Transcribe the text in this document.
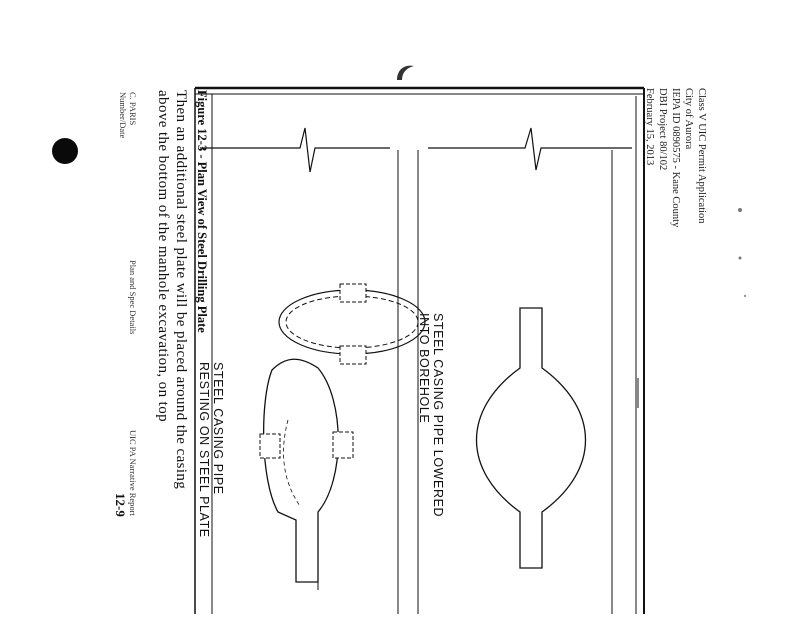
Class V UIC Permit Application
City of Aurora
IEPA ID 0890575 - Kane County
DBI Project 80/102
February 15, 2013
STEEL CASING PIPE LOWERED
INTO BOREHOLE
STEEL CASING PIPE
RESTING ON STEEL PLATE
Figure 12-3 - Plan View of Steel Drilling Plate
Then an additional steel plate will be placed around the casing
above the bottom of the manhole excavation, on top
C. PARIS
Number/Date
Plan and Spec Details
UIC PA Narrative Report
12-9
